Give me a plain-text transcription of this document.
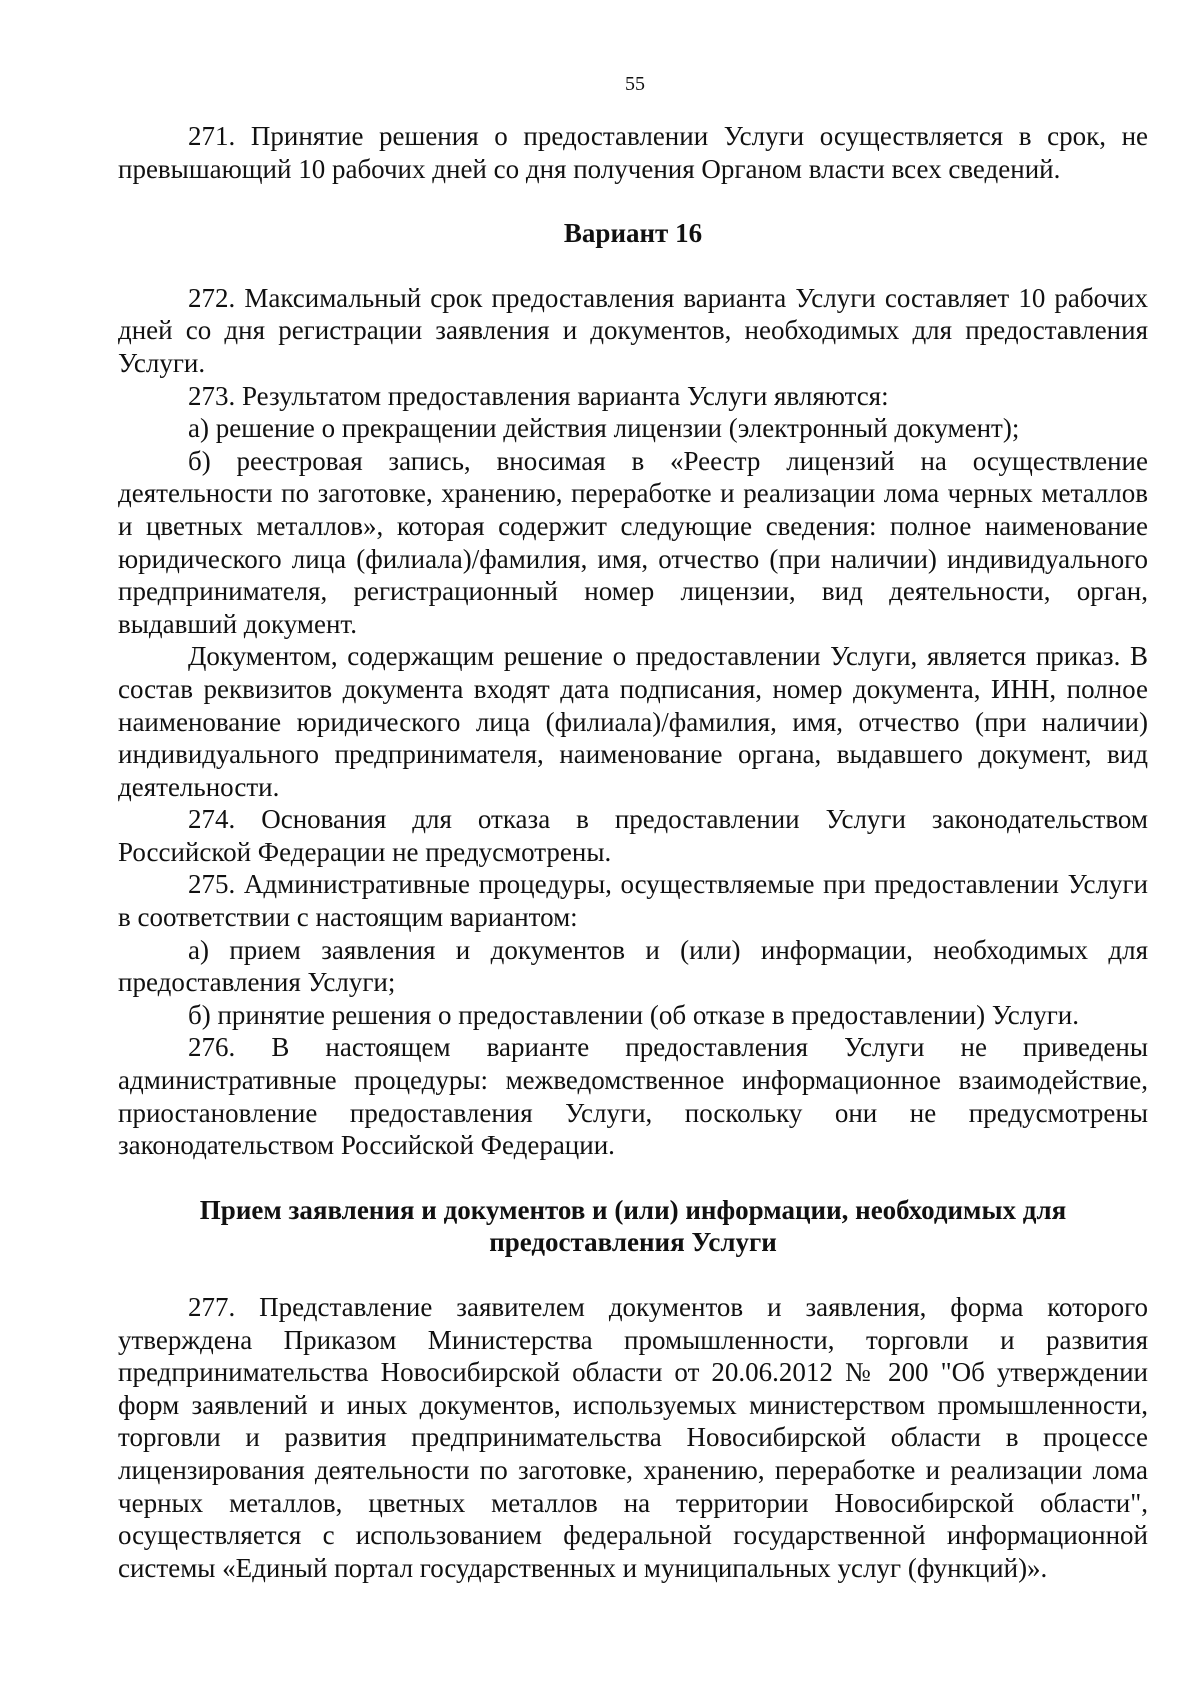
55

271. Принятие решения о предоставлении Услуги осуществляется в срок, не превышающий 10 рабочих дней со дня получения Органом власти всех сведений.

Вариант 16

272. Максимальный срок предоставления варианта Услуги составляет 10 рабочих дней со дня регистрации заявления и документов, необходимых для предоставления Услуги.

273. Результатом предоставления варианта Услуги являются:

а) решение о прекращении действия лицензии (электронный документ);

б) реестровая запись, вносимая в «Реестр лицензий на осуществление деятельности по заготовке, хранению, переработке и реализации лома черных металлов и цветных металлов», которая содержит следующие сведения: полное наименование юридического лица (филиала)/фамилия, имя, отчество (при наличии) индивидуального предпринимателя, регистрационный номер лицензии, вид деятельности, орган, выдавший документ.

Документом, содержащим решение о предоставлении Услуги, является приказ. В состав реквизитов документа входят дата подписания, номер документа, ИНН, полное наименование юридического лица (филиала)/фамилия, имя, отчество (при наличии) индивидуального предпринимателя, наименование органа, выдавшего документ, вид деятельности.

274. Основания для отказа в предоставлении Услуги законодательством Российской Федерации не предусмотрены.

275. Административные процедуры, осуществляемые при предоставлении Услуги в соответствии с настоящим вариантом:

а) прием заявления и документов и (или) информации, необходимых для предоставления Услуги;

б) принятие решения о предоставлении (об отказе в предоставлении) Услуги.

276. В настоящем варианте предоставления Услуги не приведены административные процедуры: межведомственное информационное взаимодействие, приостановление предоставления Услуги, поскольку они не предусмотрены законодательством Российской Федерации.

Прием заявления и документов и (или) информации, необходимых для предоставления Услуги

277. Представление заявителем документов и заявления, форма которого утверждена Приказом Министерства промышленности, торговли и развития предпринимательства Новосибирской области от 20.06.2012 № 200 "Об утверждении форм заявлений и иных документов, используемых министерством промышленности, торговли и развития предпринимательства Новосибирской области в процессе лицензирования деятельности по заготовке, хранению, переработке и реализации лома черных металлов, цветных металлов на территории Новосибирской области", осуществляется с использованием федеральной государственной информационной системы «Единый портал государственных и муниципальных услуг (функций)».
